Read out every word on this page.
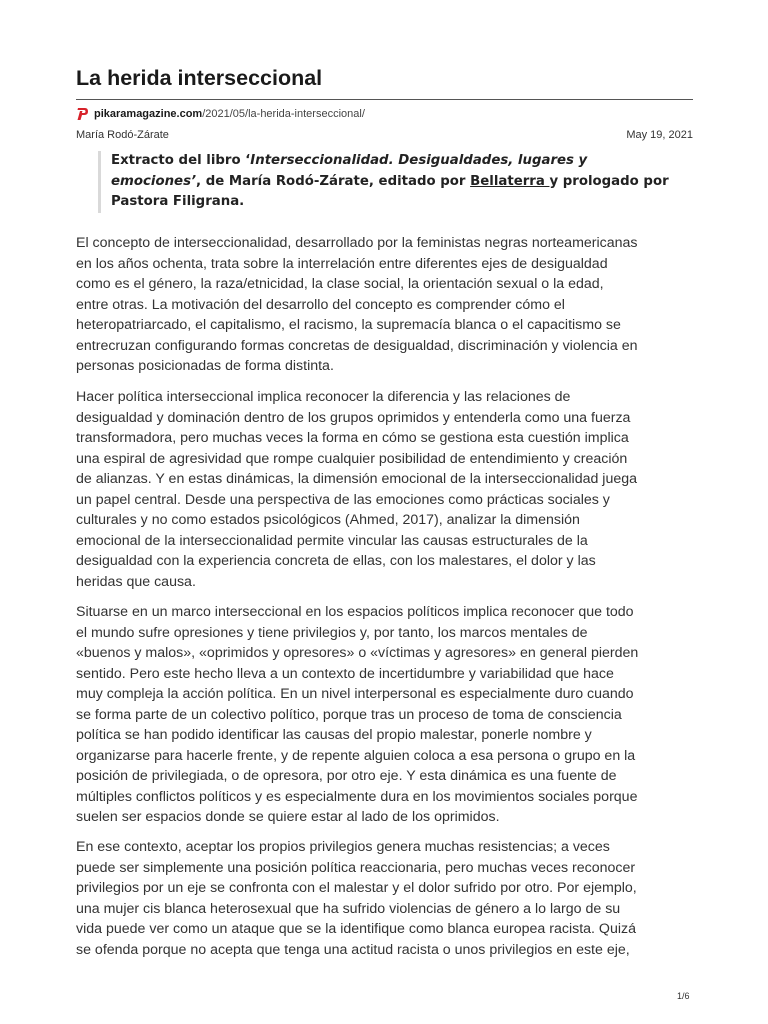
La herida interseccional
pikaramagazine.com /2021/05/la-herida-interseccional/
María Rodó-Zárate	May 19, 2021
Extracto del libro ‘Interseccionalidad. Desigualdades, lugares y emociones’, de María Rodó-Zárate, editado por Bellaterra y prologado por Pastora Filigrana.
El concepto de interseccionalidad, desarrollado por la feministas negras norteamericanas
en los años ochenta, trata sobre la interrelación entre diferentes ejes de desigualdad
como es el género, la raza/etnicidad, la clase social, la orientación sexual o la edad,
entre otras. La motivación del desarrollo del concepto es comprender cómo el
heteropatriarcado, el capitalismo, el racismo, la supremacía blanca o el capacitismo se
entrecruzan configurando formas concretas de desigualdad, discriminación y violencia en
personas posicionadas de forma distinta.
Hacer política interseccional implica reconocer la diferencia y las relaciones de
desigualdad y dominación dentro de los grupos oprimidos y entenderla como una fuerza
transformadora, pero muchas veces la forma en cómo se gestiona esta cuestión implica
una espiral de agresividad que rompe cualquier posibilidad de entendimiento y creación
de alianzas. Y en estas dinámicas, la dimensión emocional de la interseccionalidad juega
un papel central. Desde una perspectiva de las emociones como prácticas sociales y
culturales y no como estados psicológicos (Ahmed, 2017), analizar la dimensión
emocional de la interseccionalidad permite vincular las causas estructurales de la
desigualdad con la experiencia concreta de ellas, con los malestares, el dolor y las
heridas que causa.
Situarse en un marco interseccional en los espacios políticos implica reconocer que todo
el mundo sufre opresiones y tiene privilegios y, por tanto, los marcos mentales de
«buenos y malos», «oprimidos y opresores» o «víctimas y agresores» en general pierden
sentido. Pero este hecho lleva a un contexto de incertidumbre y variabilidad que hace
muy compleja la acción política. En un nivel interpersonal es especialmente duro cuando
se forma parte de un colectivo político, porque tras un proceso de toma de consciencia
política se han podido identificar las causas del propio malestar, ponerle nombre y
organizarse para hacerle frente, y de repente alguien coloca a esa persona o grupo en la
posición de privilegiada, o de opresora, por otro eje. Y esta dinámica es una fuente de
múltiples conflictos políticos y es especialmente dura en los movimientos sociales porque
suelen ser espacios donde se quiere estar al lado de los oprimidos.
En ese contexto, aceptar los propios privilegios genera muchas resistencias; a veces
puede ser simplemente una posición política reaccionaria, pero muchas veces reconocer
privilegios por un eje se confronta con el malestar y el dolor sufrido por otro. Por ejemplo,
una mujer cis blanca heterosexual que ha sufrido violencias de género a lo largo de su
vida puede ver como un ataque que se la identifique como blanca europea racista. Quizá
se ofenda porque no acepta que tenga una actitud racista o unos privilegios en este eje,
1/6
